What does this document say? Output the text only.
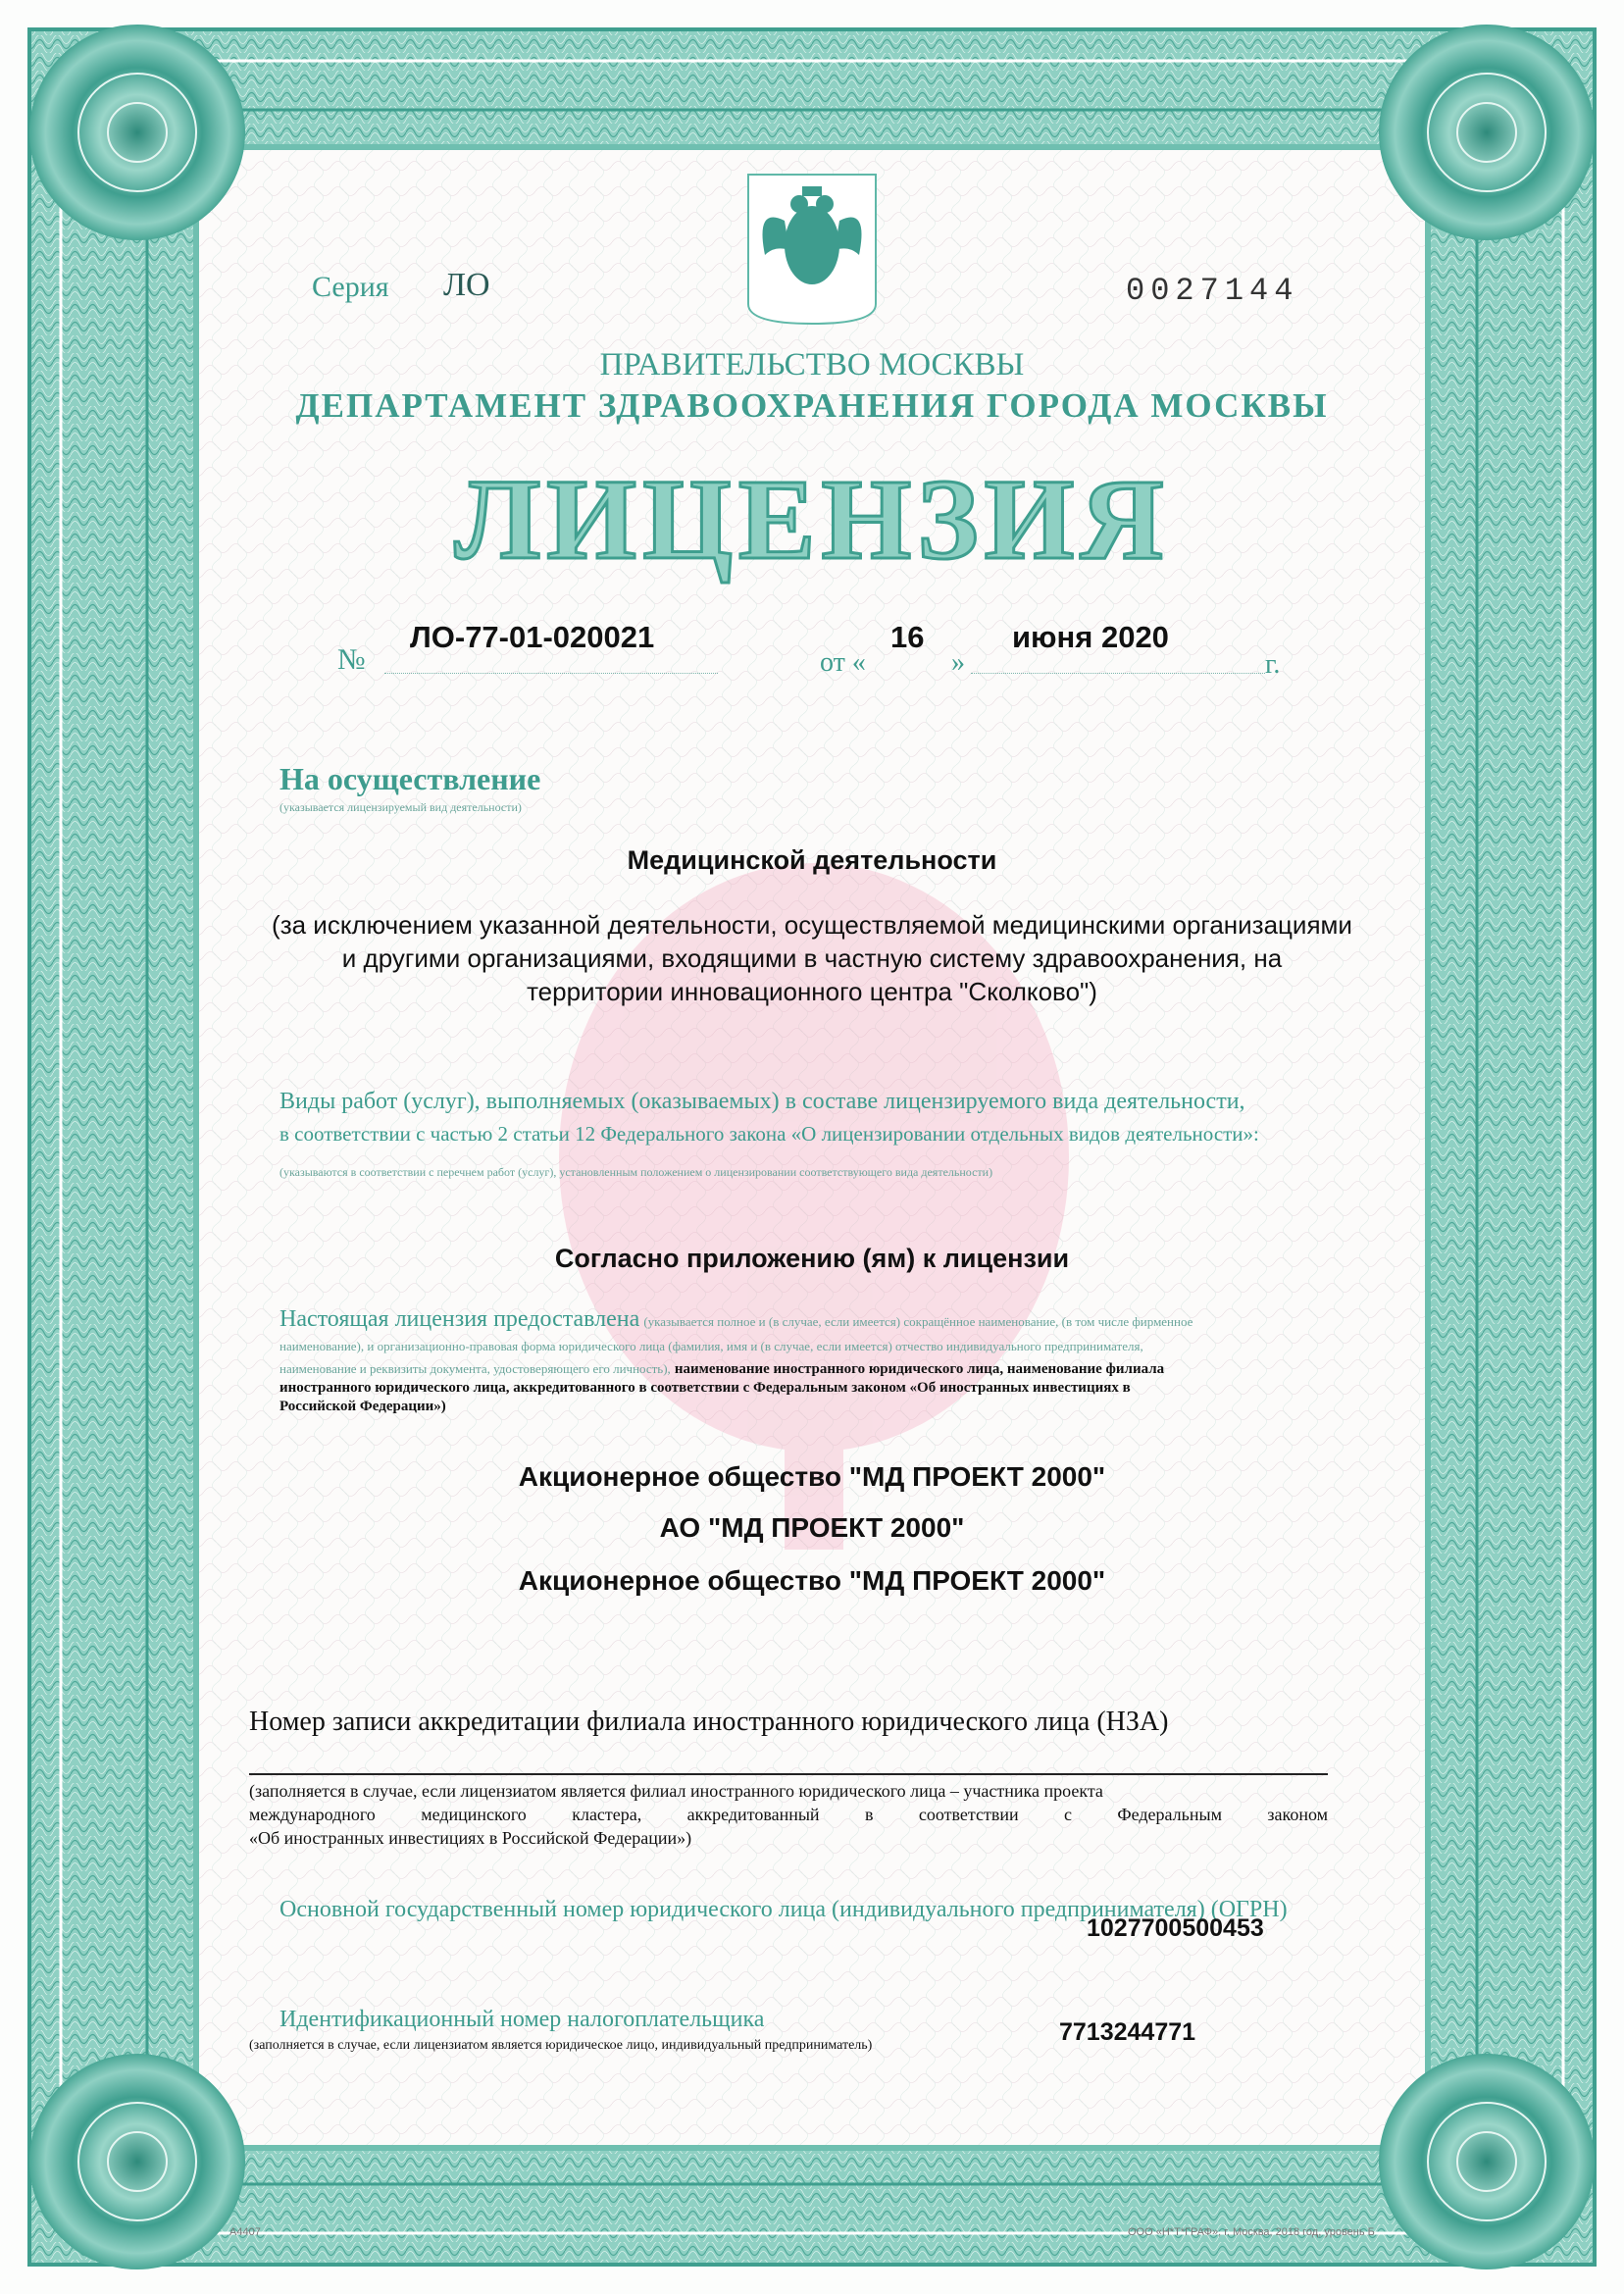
Серия ЛО	0027144
ПРАВИТЕЛЬСТВО МОСКВЫ
ДЕПАРТАМЕНТ ЗДРАВООХРАНЕНИЯ ГОРОДА МОСКВЫ
ЛИЦЕНЗИЯ
№
ЛО-77-01-020021
от «
16
»
июня 2020
г.
На осуществление
(указывается лицензируемый вид деятельности)
Медицинской деятельности
(за исключением указанной деятельности, осуществляемой медицинскими организациями
и другими организациями, входящими в частную систему здравоохранения, на
территории инновационного центра "Сколково")
Виды работ (услуг), выполняемых (оказываемых) в составе лицензируемого вида деятельности,
в соответствии с частью 2 статьи 12 Федерального закона «О лицензировании отдельных видов деятельности»:
(указываются в соответствии с перечнем работ (услуг), установленным положением о лицензировании соответствующего вида деятельности)
Согласно приложению (ям) к лицензии
Настоящая лицензия предоставлена (указывается полное и (в случае, если имеется) сокращённое наименование, (в том числе фирменное
наименование), и организационно-правовая форма юридического лица (фамилия, имя и (в случае, если имеется) отчество индивидуального предпринимателя,
наименование и реквизиты документа, удостоверяющего его личность), наименование иностранного юридического лица, наименование филиала
иностранного юридического лица, аккредитованного в соответствии с Федеральным законом «Об иностранных инвестициях в
Российской Федерации»)
Акционерное общество "МД ПРОЕКТ 2000"
АО "МД ПРОЕКТ 2000"
Акционерное общество "МД ПРОЕКТ 2000"
Номер записи аккредитации филиала иностранного юридического лица (НЗА)
(заполняется в случае, если лицензиатом является филиал иностранного юридического лица – участника проекта
международного медицинского кластера, аккредитованный в соответствии с Федеральным законом
«Об иностранных инвестициях в Российской Федерации»)
Основной государственный номер юридического лица (индивидуального предпринимателя) (ОГРН)
1027700500453
Идентификационный номер налогоплательщика
(заполняется в случае, если лицензиатом является юридическое лицо, индивидуальный предприниматель)	7713244771
А4407	ООО «Н*Т*ГРАФ», г. Москва, 2018 год, уровень Б
